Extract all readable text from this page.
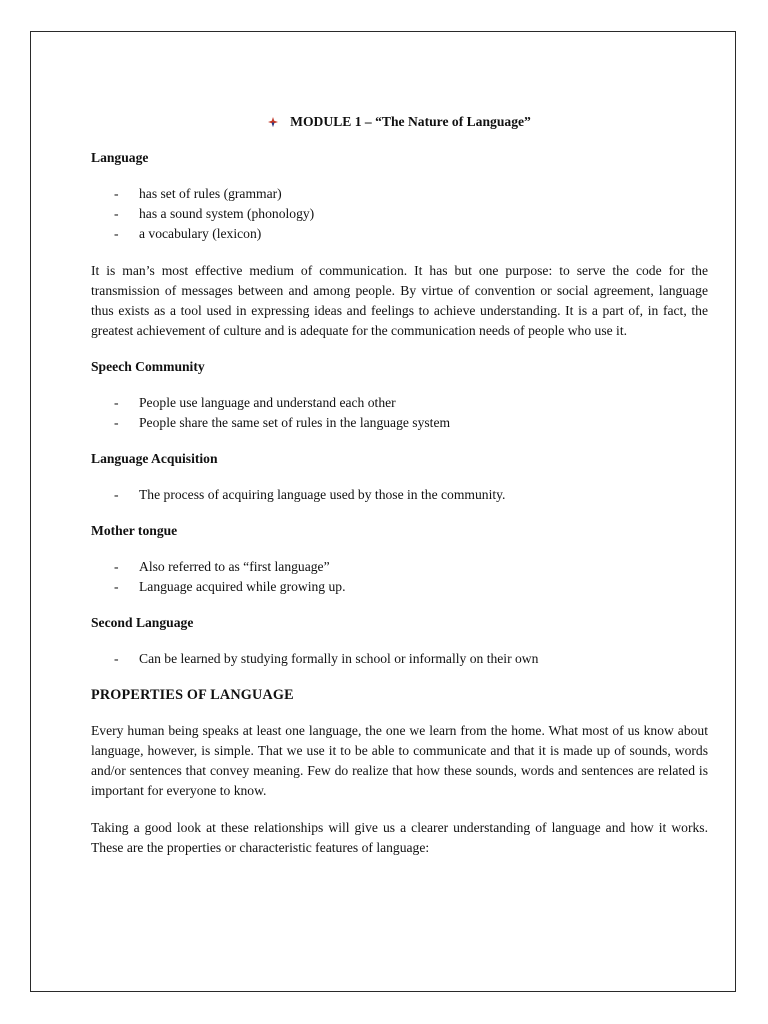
MODULE 1 – “The Nature of Language”
Language
- has set of rules (grammar)
- has a sound system (phonology)
- a vocabulary (lexicon)

It is man’s most effective medium of communication. It has but one purpose: to serve the code for the transmission of messages between and among people. By virtue of convention or social agreement, language thus exists as a tool used in expressing ideas and feelings to achieve understanding. It is a part of, in fact, the greatest achievement of culture and is adequate for the communication needs of people who use it.

Speech Community
- People use language and understand each other
- People share the same set of rules in the language system
Language Acquisition
- The process of acquiring language used by those in the community.
Mother tongue
- Also referred to as “first language”
- Language acquired while growing up.
Second Language
- Can be learned by studying formally in school or informally on their own
PROPERTIES OF LANGUAGE

Every human being speaks at least one language, the one we learn from the home. What most of us know about language, however, is simple. That we use it to be able to communicate and that it is made up of sounds, words and/or sentences that convey meaning. Few do realize that how these sounds, words and sentences are related is important for everyone to know.

Taking a good look at these relationships will give us a clearer understanding of language and how it works. These are the properties or characteristic features of language:
